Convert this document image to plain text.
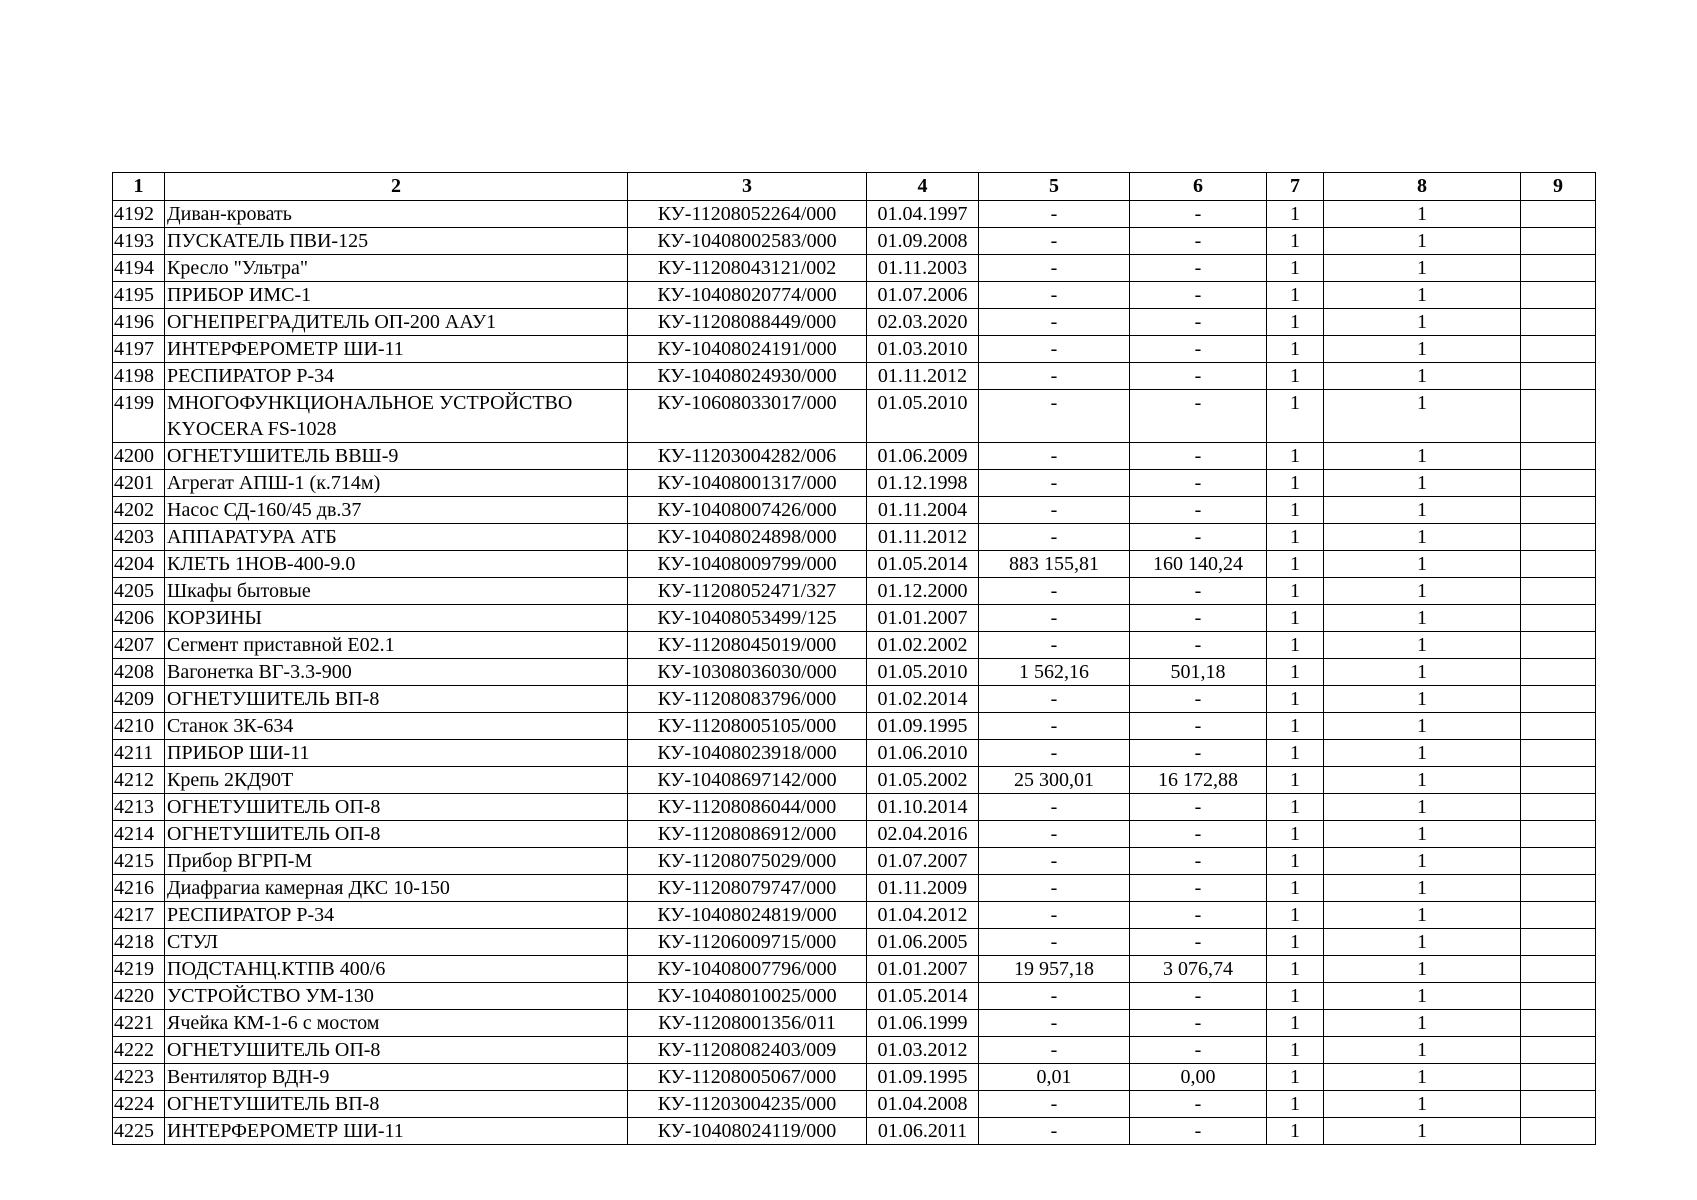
1	2	3	4	5	6	7	8	9
4192	Диван-кровать	КУ-11208052264/000	01.04.1997	-	-	1	1	
4193	ПУСКАТЕЛЬ ПВИ-125	КУ-10408002583/000	01.09.2008	-	-	1	1	
4194	Кресло "Ультра"	КУ-11208043121/002	01.11.2003	-	-	1	1	
4195	ПРИБОР ИМС-1	КУ-10408020774/000	01.07.2006	-	-	1	1	
4196	ОГНЕПРЕГРАДИТЕЛЬ ОП-200 ААУ1	КУ-11208088449/000	02.03.2020	-	-	1	1	
4197	ИНТЕРФЕРОМЕТР ШИ-11	КУ-10408024191/000	01.03.2010	-	-	1	1	
4198	РЕСПИРАТОР Р-34	КУ-10408024930/000	01.11.2012	-	-	1	1	
4199	МНОГОФУНКЦИОНАЛЬНОЕ УСТРОЙСТВО KYOCERA FS-1028	КУ-10608033017/000	01.05.2010	-	-	1	1	
4200	ОГНЕТУШИТЕЛЬ ВВШ-9	КУ-11203004282/006	01.06.2009	-	-	1	1	
4201	Агрегат АПШ-1 (к.714м)	КУ-10408001317/000	01.12.1998	-	-	1	1	
4202	Насос СД-160/45 дв.37	КУ-10408007426/000	01.11.2004	-	-	1	1	
4203	АППАРАТУРА АТБ	КУ-10408024898/000	01.11.2012	-	-	1	1	
4204	КЛЕТЬ 1НОВ-400-9.0	КУ-10408009799/000	01.05.2014	883 155,81	160 140,24	1	1	
4205	Шкафы бытовые	КУ-11208052471/327	01.12.2000	-	-	1	1	
4206	КОРЗИНЫ	КУ-10408053499/125	01.01.2007	-	-	1	1	
4207	Сегмент приставной Е02.1	КУ-11208045019/000	01.02.2002	-	-	1	1	
4208	Вагонетка ВГ-3.3-900	КУ-10308036030/000	01.05.2010	1 562,16	501,18	1	1	
4209	ОГНЕТУШИТЕЛЬ ВП-8	КУ-11208083796/000	01.02.2014	-	-	1	1	
4210	Станок 3К-634	КУ-11208005105/000	01.09.1995	-	-	1	1	
4211	ПРИБОР ШИ-11	КУ-10408023918/000	01.06.2010	-	-	1	1	
4212	Крепь 2КД90Т	КУ-10408697142/000	01.05.2002	25 300,01	16 172,88	1	1	
4213	ОГНЕТУШИТЕЛЬ ОП-8	КУ-11208086044/000	01.10.2014	-	-	1	1	
4214	ОГНЕТУШИТЕЛЬ ОП-8	КУ-11208086912/000	02.04.2016	-	-	1	1	
4215	Прибор ВГРП-М	КУ-11208075029/000	01.07.2007	-	-	1	1	
4216	Диафрагиа камерная ДКС 10-150	КУ-11208079747/000	01.11.2009	-	-	1	1	
4217	РЕСПИРАТОР Р-34	КУ-10408024819/000	01.04.2012	-	-	1	1	
4218	СТУЛ	КУ-11206009715/000	01.06.2005	-	-	1	1	
4219	ПОДСТАНЦ.КТПВ 400/6	КУ-10408007796/000	01.01.2007	19 957,18	3 076,74	1	1	
4220	УСТРОЙСТВО УМ-130	КУ-10408010025/000	01.05.2014	-	-	1	1	
4221	Ячейка КМ-1-6 с мостом	КУ-11208001356/011	01.06.1999	-	-	1	1	
4222	ОГНЕТУШИТЕЛЬ ОП-8	КУ-11208082403/009	01.03.2012	-	-	1	1	
4223	Вентилятор ВДН-9	КУ-11208005067/000	01.09.1995	0,01	0,00	1	1	
4224	ОГНЕТУШИТЕЛЬ ВП-8	КУ-11203004235/000	01.04.2008	-	-	1	1	
4225	ИНТЕРФЕРОМЕТР ШИ-11	КУ-10408024119/000	01.06.2011	-	-	1	1	
